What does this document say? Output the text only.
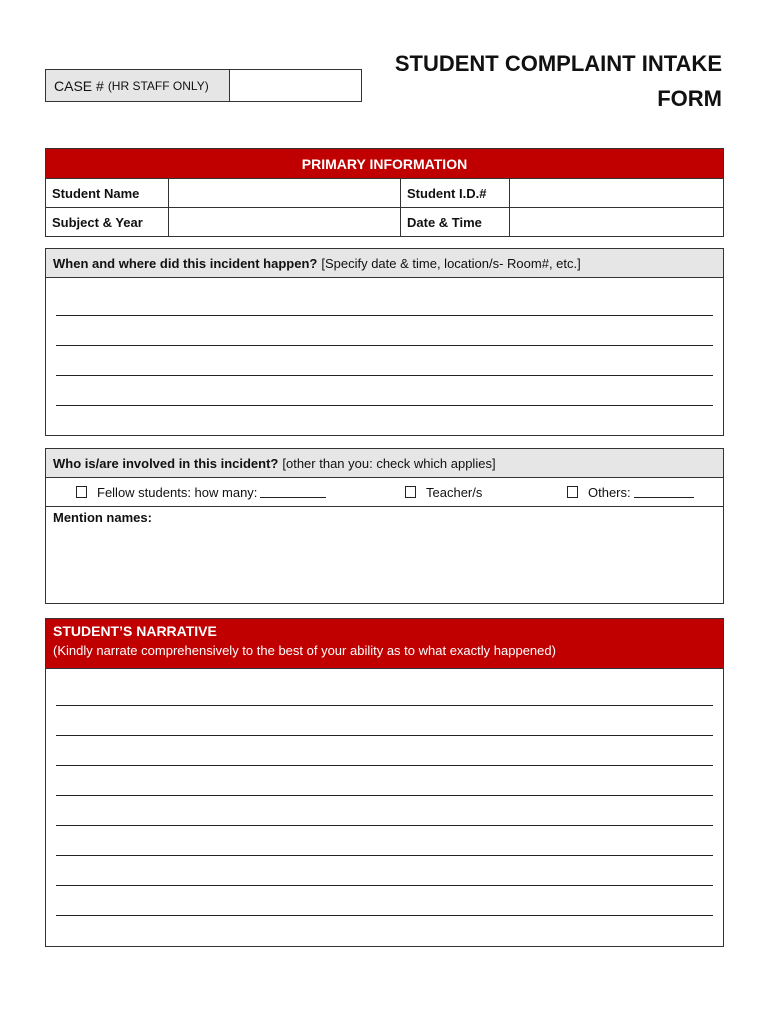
CASE # (HR STAFF ONLY)
STUDENT COMPLAINT INTAKE
FORM
PRIMARY INFORMATION			
Student Name		Student I.D.#	
Subject & Year		Date & Time	
When and where did this incident happen? [Specify date & time, location/s- Room#, etc.]
Who is/are involved in this incident? [other than you: check which applies]
Fellow students: how many:	Teacher/s	Others:
Mention names:
STUDENT’S NARRATIVE
(Kindly narrate comprehensively to the best of your ability as to what exactly happened)
